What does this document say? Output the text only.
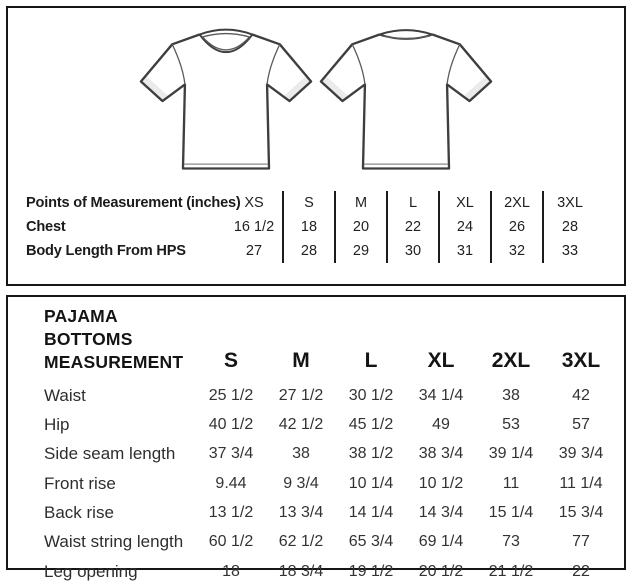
Points of Measurement (inches) XS	S	M	L	XL	2XL	3XL
Chest	16 1/2	18	20	22	24	26	28
Body Length From HPS	27	28	29	30	31	32	33
PAJAMA BOTTOMS
MEASUREMENT	S	M	L	XL	2XL	3XL
Waist	25 1/2	27 1/2	30 1/2	34 1/4	38	42
Hip	40 1/2	42 1/2	45 1/2	49	53	57
Side seam length	37 3/4	38	38 1/2	38 3/4	39 1/4	39 3/4
Front rise	9.44	9 3/4	10 1/4	10 1/2	11	11 1/4
Back rise	13 1/2	13 3/4	14 1/4	14 3/4	15 1/4	15 3/4
Waist string length	60 1/2	62 1/2	65 3/4	69 1/4	73	77
Leg opening	18	18 3/4	19 1/2	20 1/2	21 1/2	22
